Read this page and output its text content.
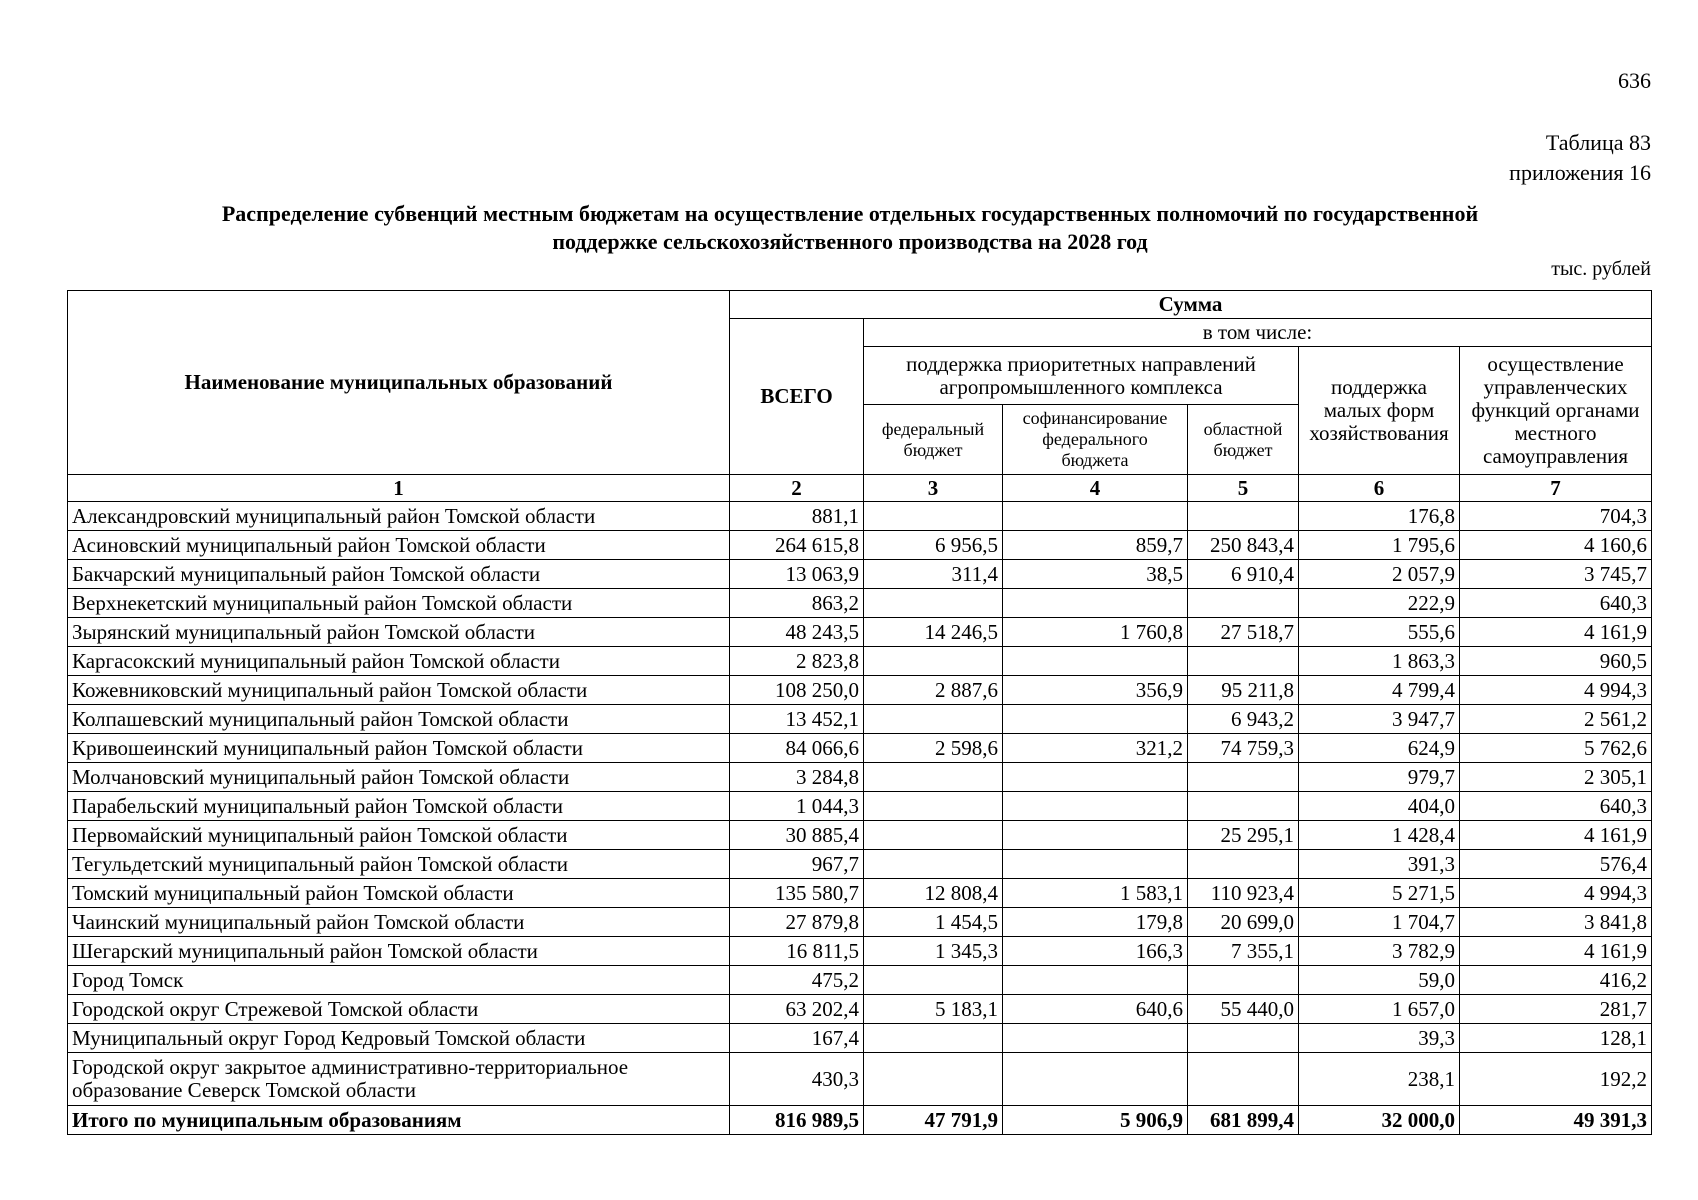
636
Таблица 83
приложения 16
Распределение субвенций местным бюджетам на осуществление отдельных государственных полномочий по государственной
поддержке сельскохозяйственного производства на 2028 год
тыс. рублей
Наименование муниципальных образований	Сумма					
	ВСЕГО	в том числе:				
		поддержка приоритетных направлений агропромышленного комплекса			поддержка малых форм хозяйствования	осуществление управленческих функций органами местного самоуправления
		федеральный бюджет	софинансирование федерального бюджета	областной бюджет		
1	2	3	4	5	6	7
Александровский муниципальный район Томской области	881,1				176,8	704,3
Асиновский муниципальный район Томской области	264 615,8	6 956,5	859,7	250 843,4	1 795,6	4 160,6
Бакчарский муниципальный район Томской области	13 063,9	311,4	38,5	6 910,4	2 057,9	3 745,7
Верхнекетский муниципальный район Томской области	863,2				222,9	640,3
Зырянский муниципальный район Томской области	48 243,5	14 246,5	1 760,8	27 518,7	555,6	4 161,9
Каргасокский муниципальный район Томской области	2 823,8				1 863,3	960,5
Кожевниковский муниципальный район Томской области	108 250,0	2 887,6	356,9	95 211,8	4 799,4	4 994,3
Колпашевский муниципальный район Томской области	13 452,1			6 943,2	3 947,7	2 561,2
Кривошеинский муниципальный район Томской области	84 066,6	2 598,6	321,2	74 759,3	624,9	5 762,6
Молчановский муниципальный район Томской области	3 284,8				979,7	2 305,1
Парабельский муниципальный район Томской области	1 044,3				404,0	640,3
Первомайский муниципальный район Томской области	30 885,4			25 295,1	1 428,4	4 161,9
Тегульдетский муниципальный район Томской области	967,7				391,3	576,4
Томский муниципальный район Томской области	135 580,7	12 808,4	1 583,1	110 923,4	5 271,5	4 994,3
Чаинский муниципальный район Томской области	27 879,8	1 454,5	179,8	20 699,0	1 704,7	3 841,8
Шегарский муниципальный район Томской области	16 811,5	1 345,3	166,3	7 355,1	3 782,9	4 161,9
Город Томск	475,2				59,0	416,2
Городской округ Стрежевой Томской области	63 202,4	5 183,1	640,6	55 440,0	1 657,0	281,7
Муниципальный округ Город Кедровый Томской области	167,4				39,3	128,1
Городской округ закрытое административно-территориальное образование Северск Томской области	430,3				238,1	192,2
Итого по муниципальным образованиям	816 989,5	47 791,9	5 906,9	681 899,4	32 000,0	49 391,3
